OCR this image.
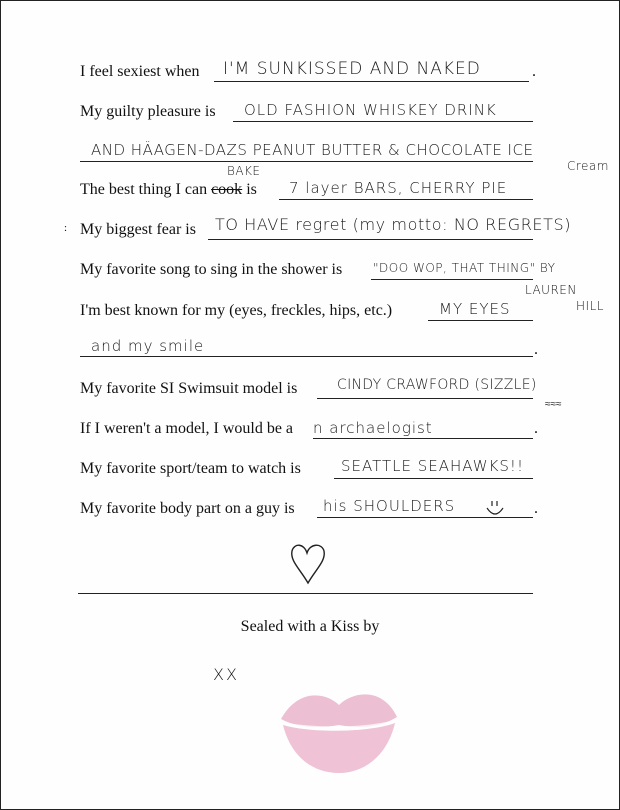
I feel sexiest when I'M SUNKISSED AND NAKED	.
My guilty pleasure is OLD FASHION WHISKEY DRINK
AND HÄAGEN-DAZS PEANUT BUTTER & CHOCOLATE ICE
Cream
The best thing I can cook is
BAKE
7 layer BARS, CHERRY PIE
: My biggest fear is TO HAVE regret (my motto: NO REGRETS)
My favorite song to sing in the shower is	"DOO WOP, THAT THING" BY
LAUREN
HILL
I'm best known for my (eyes, freckles, hips, etc.)	MY EYES
and my smile	.
My favorite SI Swimsuit model is	CINDY CRAWFORD (SIZZLE)
≈≈≈
If I weren't a model, I would be a n archaelogist	.
My favorite sport/team to watch is	SEATTLE SEAHAWKS!!
My favorite body part on a guy is his SHOULDERS	.
Sealed with a Kiss by
XX
